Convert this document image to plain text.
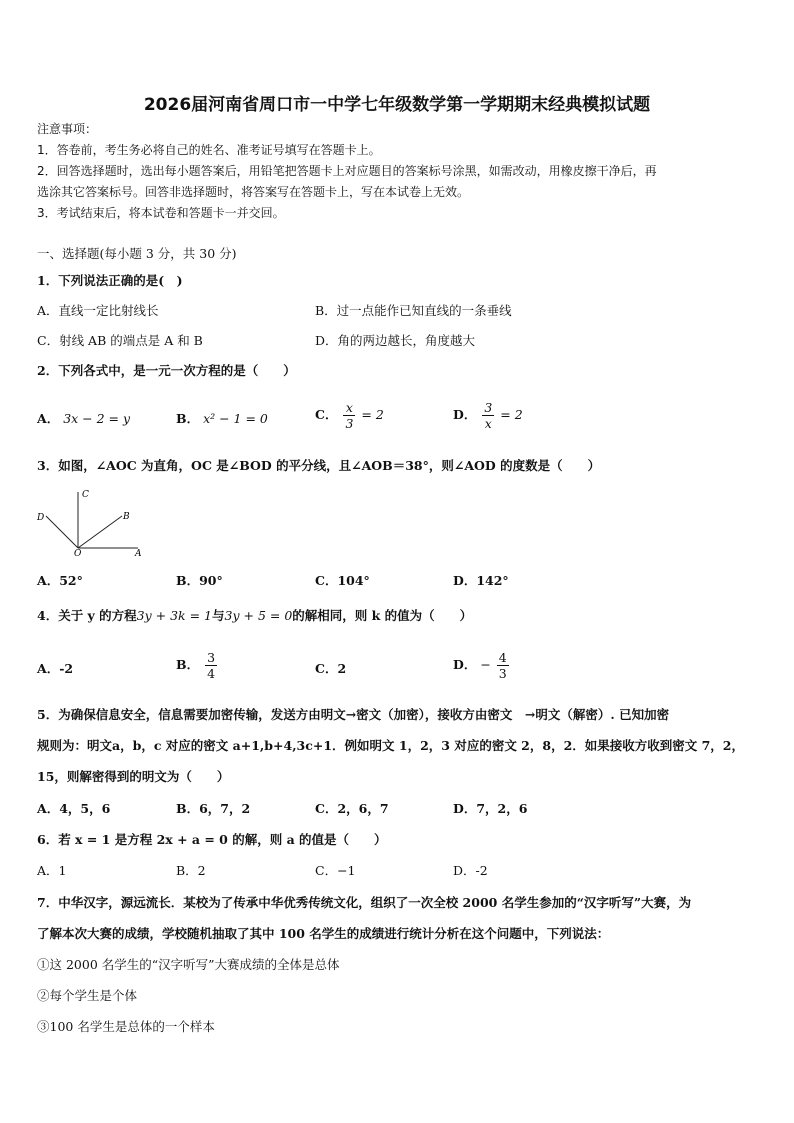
2026届河南省周口市一中学七年级数学第一学期期末经典模拟试题
注意事项：
1．答卷前，考生务必将自己的姓名、准考证号填写在答题卡上。
2．回答选择题时，选出每小题答案后，用铅笔把答题卡上对应题目的答案标号涂黑，如需改动，用橡皮擦干净后，再
选涂其它答案标号。回答非选择题时，将答案写在答题卡上，写在本试卷上无效。
3．考试结束后，将本试卷和答题卡一并交回。
一、选择题(每小题 3 分，共 30 分)
1．下列说法正确的是(　)
A．直线一定比射线长	B．过一点能作已知直线的一条垂线
C．射线 AB 的端点是 A 和 B	D．角的两边越长，角度越大
2．下列各式中，是一元一次方程的是（　　）
A． 3x − 2 = y	B． x² − 1 = 0	C． $\frac{x}{3} = 2$	D． $\frac{3}{x} = 2$
3．如图，∠AOC 为直角，OC 是∠BOD 的平分线，且∠AOB＝38°，则∠AOD 的度数是（　　）
C
D	B
O	A
A．52°	B．90°	C．104°	D．142°
4．关于 y 的方程3y + 3k = 1与3y + 5 = 0的解相同，则 k 的值为（　　）
A．-2	B． $\frac{3}{4}$	C．2	D． − $\frac{4}{3}$
5．为确保信息安全，信息需要加密传输，发送方由明文→密文（加密），接收方由密文　→明文（解密）. 已知加密
规则为：明文a，b，c 对应的密文 a+1,b+4,3c+1．例如明文 1，2，3 对应的密文 2，8，2．如果接收方收到密文 7，2，
15，则解密得到的明文为（　　）
A．4，5，6	B．6，7，2	C．2，6，7	D．7，2，6
6．若 x = 1 是方程 2x + a = 0 的解，则 a 的值是（　　）
A．1	B．2	C．−1	D．-2
7．中华汉字，源远流长．某校为了传承中华优秀传统文化，组织了一次全校 2000 名学生参加的“汉字听写”大赛，为
了解本次大赛的成绩，学校随机抽取了其中 100 名学生的成绩进行统计分析在这个问题中，下列说法：
①这 2000 名学生的“汉字听写”大赛成绩的全体是总体
②每个学生是个体
③100 名学生是总体的一个样本
